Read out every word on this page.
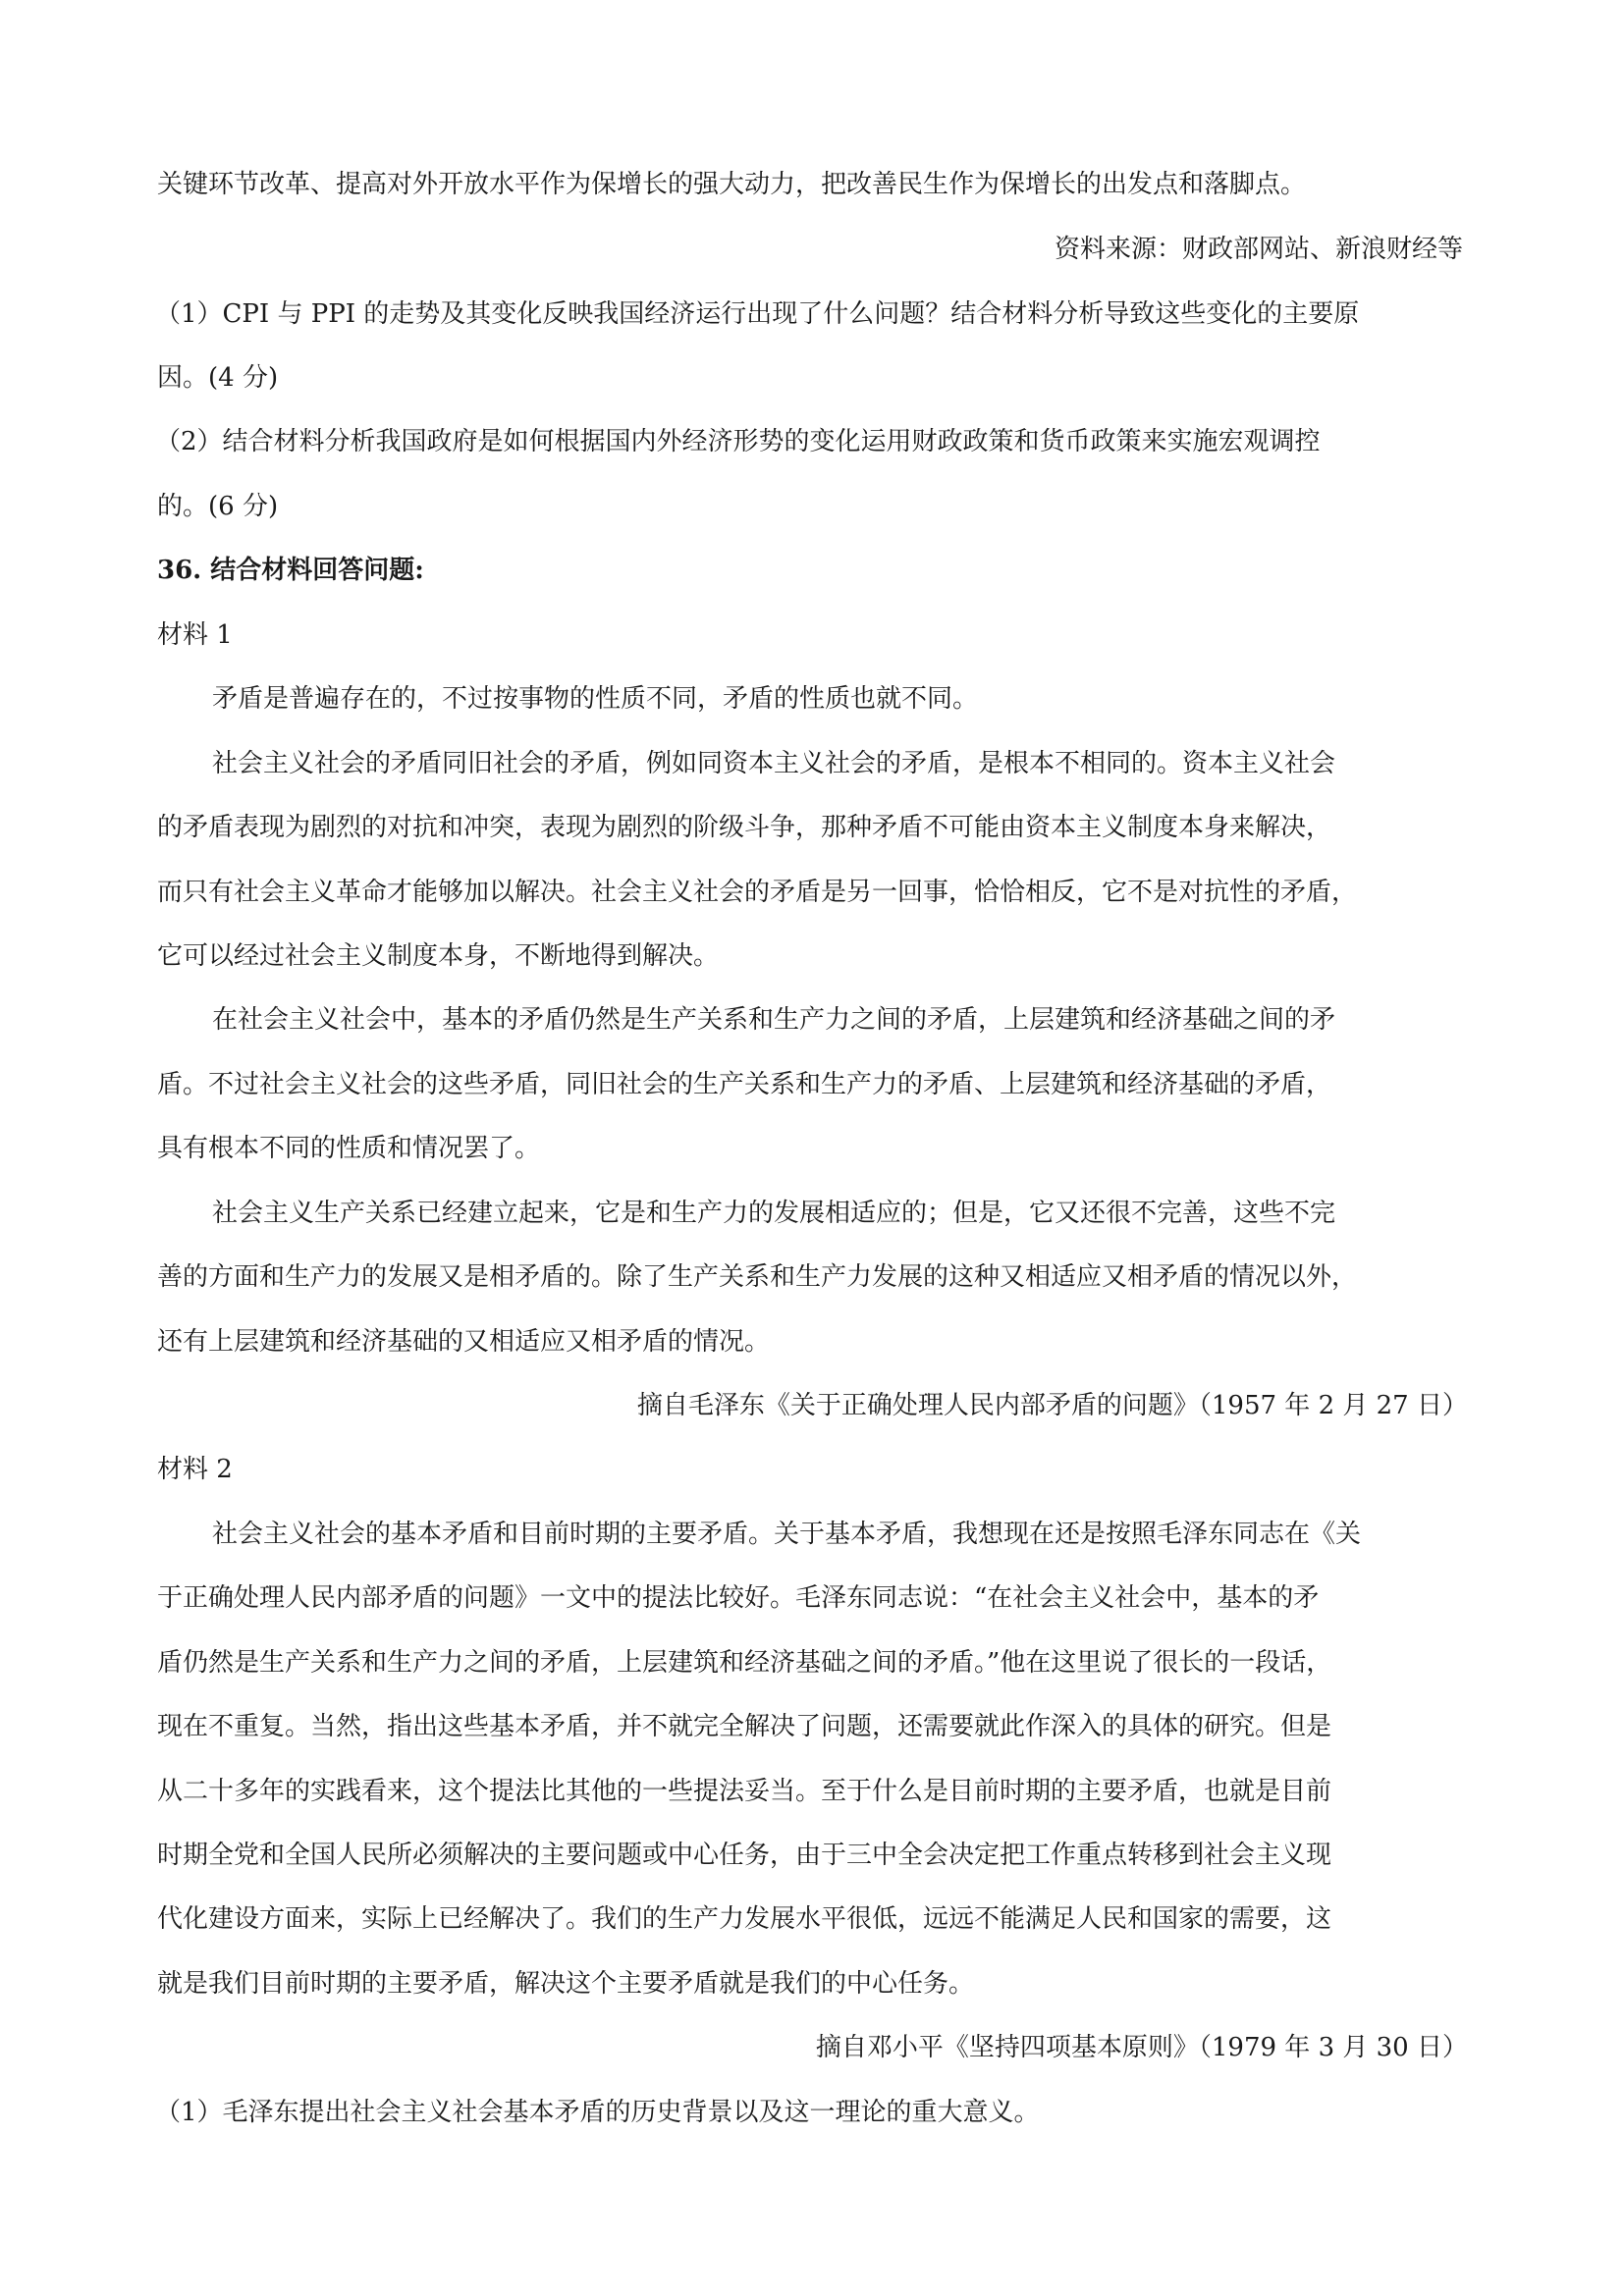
关键环节改革、提高对外开放水平作为保增长的强大动力，把改善民生作为保增长的出发点和落脚点。

资料来源：财政部网站、新浪财经等

（1）CPI 与 PPI 的走势及其变化反映我国经济运行出现了什么问题？结合材料分析导致这些变化的主要原

因。(4 分)

（2）结合材料分析我国政府是如何根据国内外经济形势的变化运用财政政策和货币政策来实施宏观调控

的。(6 分)

36. 结合材料回答问题:

材料 1

矛盾是普遍存在的，不过按事物的性质不同，矛盾的性质也就不同。

社会主义社会的矛盾同旧社会的矛盾，例如同资本主义社会的矛盾，是根本不相同的。资本主义社会

的矛盾表现为剧烈的对抗和冲突，表现为剧烈的阶级斗争，那种矛盾不可能由资本主义制度本身来解决，

而只有社会主义革命才能够加以解决。社会主义社会的矛盾是另一回事，恰恰相反，它不是对抗性的矛盾，

它可以经过社会主义制度本身，不断地得到解决。

在社会主义社会中，基本的矛盾仍然是生产关系和生产力之间的矛盾，上层建筑和经济基础之间的矛

盾。不过社会主义社会的这些矛盾，同旧社会的生产关系和生产力的矛盾、上层建筑和经济基础的矛盾，

具有根本不同的性质和情况罢了。

社会主义生产关系已经建立起来，它是和生产力的发展相适应的；但是，它又还很不完善，这些不完

善的方面和生产力的发展又是相矛盾的。除了生产关系和生产力发展的这种又相适应又相矛盾的情况以外，

还有上层建筑和经济基础的又相适应又相矛盾的情况。

摘自毛泽东《关于正确处理人民内部矛盾的问题》（1957 年 2 月 27 日）

材料 2

社会主义社会的基本矛盾和目前时期的主要矛盾。关于基本矛盾，我想现在还是按照毛泽东同志在《关

于正确处理人民内部矛盾的问题》一文中的提法比较好。毛泽东同志说：“在社会主义社会中，基本的矛

盾仍然是生产关系和生产力之间的矛盾，上层建筑和经济基础之间的矛盾。”他在这里说了很长的一段话，

现在不重复。当然，指出这些基本矛盾，并不就完全解决了问题，还需要就此作深入的具体的研究。但是

从二十多年的实践看来，这个提法比其他的一些提法妥当。至于什么是目前时期的主要矛盾，也就是目前

时期全党和全国人民所必须解决的主要问题或中心任务，由于三中全会决定把工作重点转移到社会主义现

代化建设方面来，实际上已经解决了。我们的生产力发展水平很低，远远不能满足人民和国家的需要，这

就是我们目前时期的主要矛盾，解决这个主要矛盾就是我们的中心任务。

摘自邓小平《坚持四项基本原则》（1979 年 3 月 30 日）

（1）毛泽东提出社会主义社会基本矛盾的历史背景以及这一理论的重大意义。
